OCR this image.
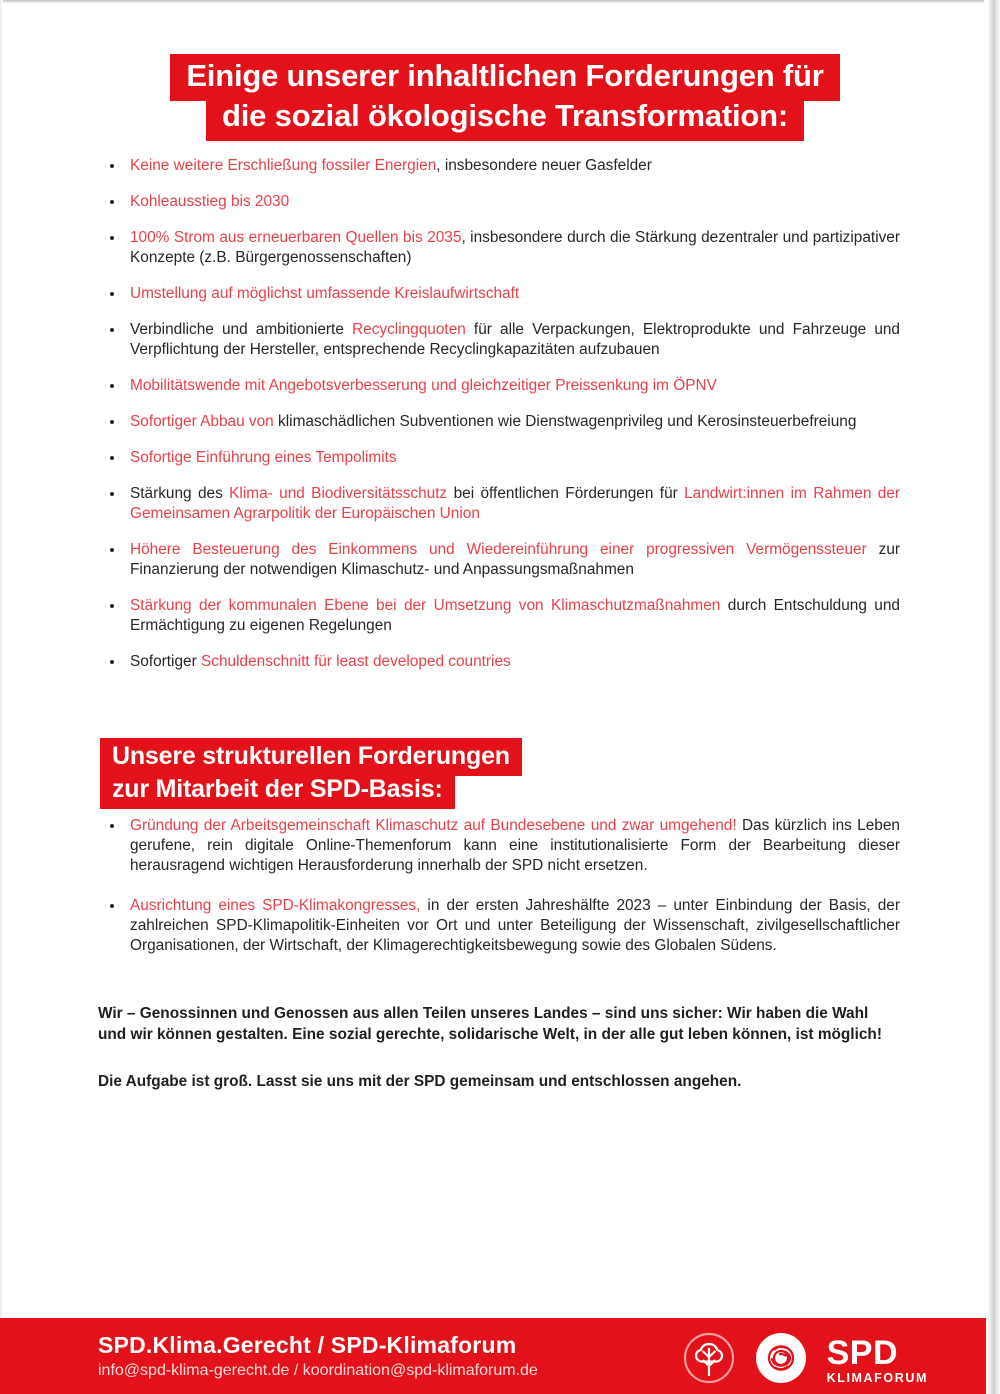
Einige unserer inhaltlichen Forderungen für
die sozial ökologische Transformation:
Keine weitere Erschließung fossiler Energien, insbesondere neuer Gasfelder
Kohleausstieg bis 2030
100% Strom aus erneuerbaren Quellen bis 2035, insbesondere durch die Stärkung dezentraler und partizipativer Konzepte (z.B. Bürgergenossenschaften)
Umstellung auf möglichst umfassende Kreislaufwirtschaft
Verbindliche und ambitionierte Recyclingquoten für alle Verpackungen, Elektroprodukte und Fahrzeuge und Verpflichtung der Hersteller, entsprechende Recyclingkapazitäten aufzubauen
Mobilitätswende mit Angebotsverbesserung und gleichzeitiger Preissenkung im ÖPNV
Sofortiger Abbau von klimaschädlichen Subventionen wie Dienstwagenprivileg und Kerosinsteuerbefreiung
Sofortige Einführung eines Tempolimits
Stärkung des Klima- und Biodiversitätsschutz bei öffentlichen Förderungen für Landwirt:innen im Rahmen der Gemeinsamen Agrarpolitik der Europäischen Union
Höhere Besteuerung des Einkommens und Wiedereinführung einer progressiven Vermögenssteuer zur Finanzierung der notwendigen Klimaschutz- und Anpassungsmaßnahmen
Stärkung der kommunalen Ebene bei der Umsetzung von Klimaschutzmaßnahmen durch Entschuldung und Ermächtigung zu eigenen Regelungen
Sofortiger Schuldenschnitt für least developed countries
Unsere strukturellen Forderungen
zur Mitarbeit der SPD-Basis:
Gründung der Arbeitsgemeinschaft Klimaschutz auf Bundesebene und zwar umgehend! Das kürzlich ins Leben gerufene, rein digitale Online-Themenforum kann eine institutionalisierte Form der Bearbeitung dieser herausragend wichtigen Herausforderung innerhalb der SPD nicht ersetzen.
Ausrichtung eines SPD-Klimakongresses, in der ersten Jahreshälfte 2023 – unter Einbindung der Basis, der zahlreichen SPD-Klimapolitik-Einheiten vor Ort und unter Beteiligung der Wissenschaft, zivilgesellschaftlicher Organisationen, der Wirtschaft, der Klimagerechtigkeitsbewegung sowie des Globalen Südens.

Wir – Genossinnen und Genossen aus allen Teilen unseres Landes – sind uns sicher: Wir haben die Wahl und wir können gestalten. Eine sozial gerechte, solidarische Welt, in der alle gut leben können, ist möglich!

Die Aufgabe ist groß. Lasst sie uns mit der SPD gemeinsam und entschlossen angehen.

SPD.Klima.Gerecht / SPD-Klimaforum
info@spd-klima-gerecht.de / koordination@spd-klimaforum.de	SPD
KLIMAFORUM
